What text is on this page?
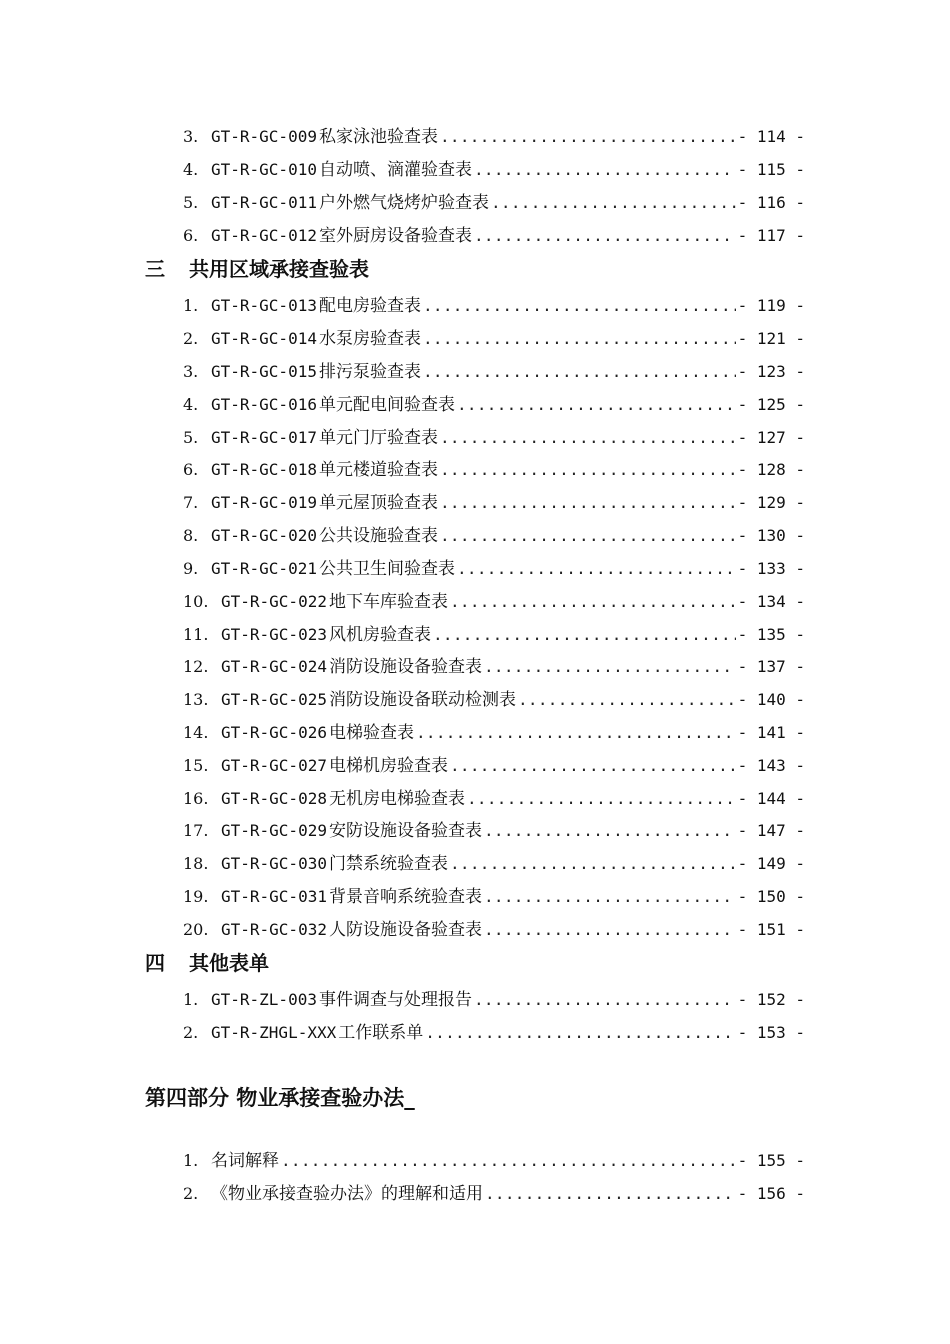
3. GT-R-GC-009 私家泳池验查表 .....	- 114 -
4. GT-R-GC-010 自动喷、滴灌验查表 .....	- 115 -
5. GT-R-GC-011 户外燃气烧烤炉验查表 .....	- 116 -
6. GT-R-GC-012 室外厨房设备验查表 .....	- 117 -
三 共用区域承接查验表
1. GT-R-GC-013 配电房验查表 .....	- 119 -
2. GT-R-GC-014 水泵房验查表 .....	- 121 -
3. GT-R-GC-015 排污泵验查表 .....	- 123 -
4. GT-R-GC-016 单元配电间验查表 .....	- 125 -
5. GT-R-GC-017 单元门厅验查表 .....	- 127 -
6. GT-R-GC-018 单元楼道验查表 .....	- 128 -
7. GT-R-GC-019 单元屋顶验查表 .....	- 129 -
8. GT-R-GC-020 公共设施验查表 .....	- 130 -
9. GT-R-GC-021 公共卫生间验查表 .....	- 133 -
10. GT-R-GC-022 地下车库验查表 .....	- 134 -
11. GT-R-GC-023 风机房验查表 .....	- 135 -
12. GT-R-GC-024 消防设施设备验查表 .....	- 137 -
13. GT-R-GC-025 消防设施设备联动检测表 .....	- 140 -
14. GT-R-GC-026 电梯验查表 .....	- 141 -
15. GT-R-GC-027 电梯机房验查表 .....	- 143 -
16. GT-R-GC-028 无机房电梯验查表 .....	- 144 -
17. GT-R-GC-029 安防设施设备验查表 .....	- 147 -
18. GT-R-GC-030 门禁系统验查表 .....	- 149 -
19. GT-R-GC-031 背景音响系统验查表 .....	- 150 -
20. GT-R-GC-032 人防设施设备验查表 .....	- 151 -
四 其他表单
1. GT-R-ZL-003 事件调查与处理报告 .....	- 152 -
2. GT-R-ZHGL-XXX 工作联系单 .....	- 153 -
第四部分 物业承接查验办法_
1. 名词解释 .....	- 155 -
2. 《物业承接查验办法》的理解和适用 .....	- 156 -
